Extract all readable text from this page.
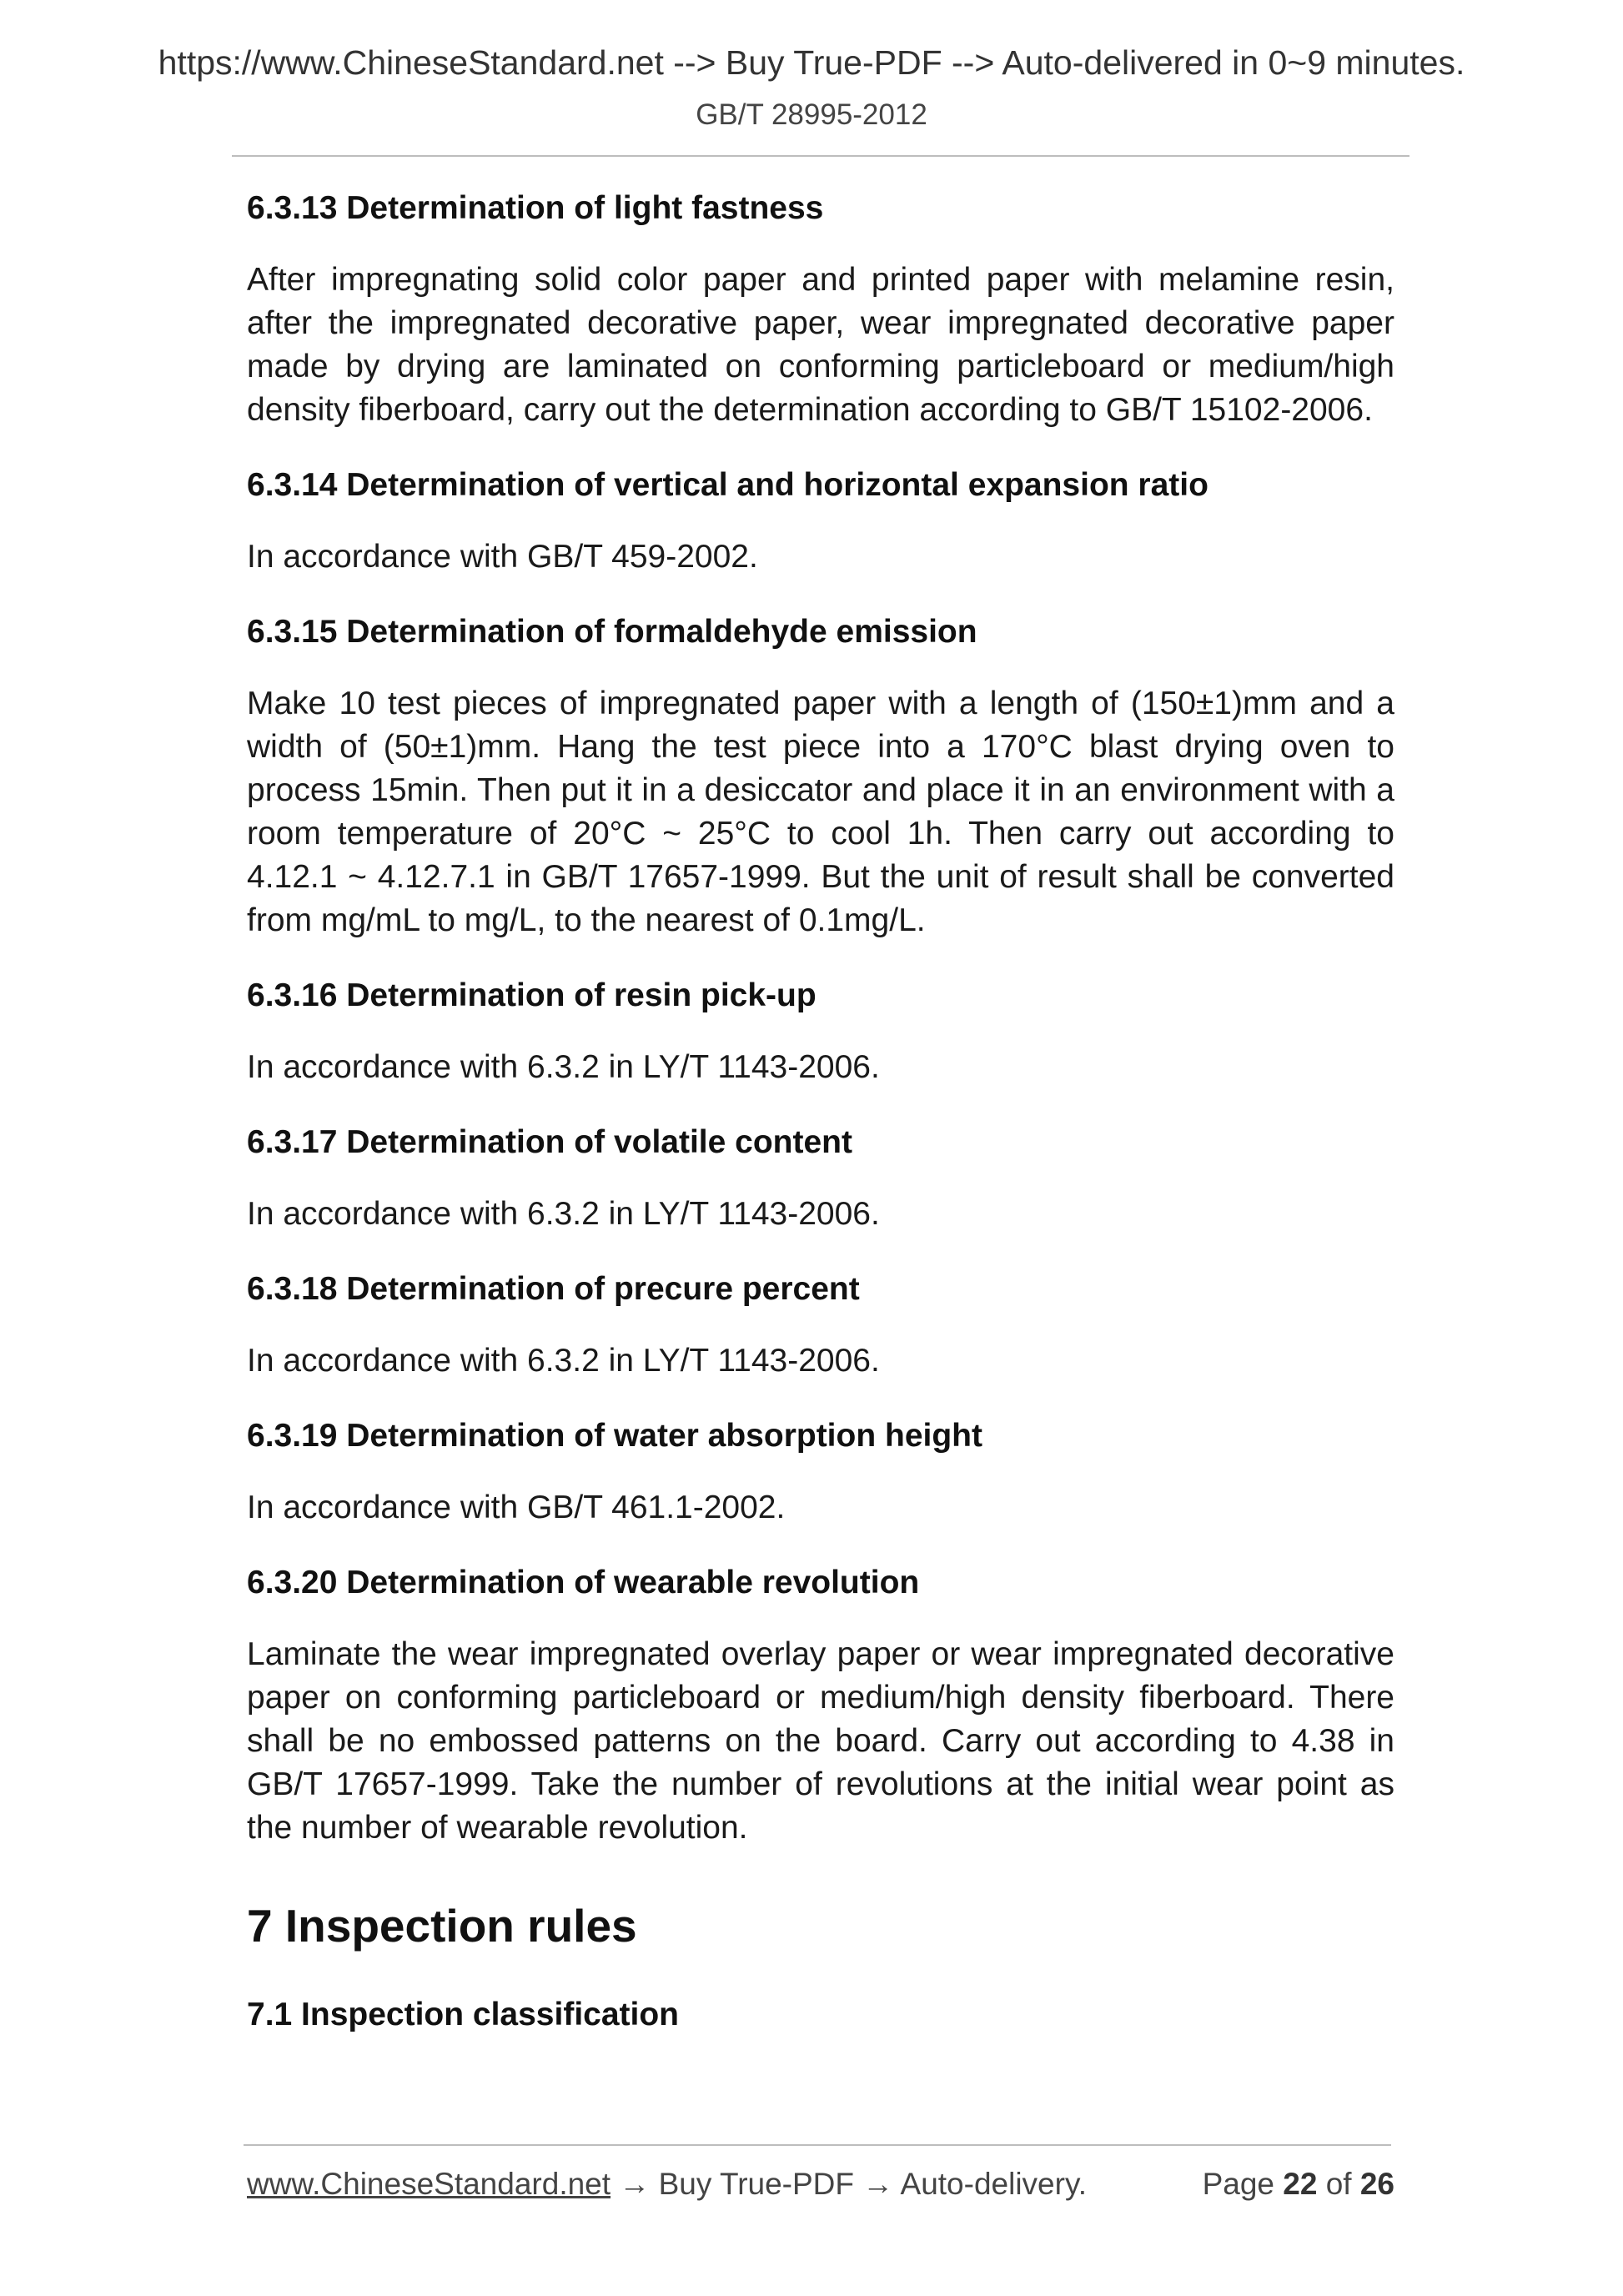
https://www.ChineseStandard.net --> Buy True-PDF --> Auto-delivered in 0~9 minutes.
GB/T 28995-2012

6.3.13 Determination of light fastness

After impregnating solid color paper and printed paper with melamine resin, after the impregnated decorative paper, wear impregnated decorative paper made by drying are laminated on conforming particleboard or medium/high density fiberboard, carry out the determination according to GB/T 15102-2006.

6.3.14 Determination of vertical and horizontal expansion ratio

In accordance with GB/T 459-2002.

6.3.15 Determination of formaldehyde emission

Make 10 test pieces of impregnated paper with a length of (150±1)mm and a width of (50±1)mm. Hang the test piece into a 170°C blast drying oven to process 15min. Then put it in a desiccator and place it in an environment with a room temperature of 20°C ~ 25°C to cool 1h. Then carry out according to 4.12.1 ~ 4.12.7.1 in GB/T 17657-1999. But the unit of result shall be converted from mg/mL to mg/L, to the nearest of 0.1mg/L.

6.3.16 Determination of resin pick-up

In accordance with 6.3.2 in LY/T 1143-2006.

6.3.17 Determination of volatile content

In accordance with 6.3.2 in LY/T 1143-2006.

6.3.18 Determination of precure percent

In accordance with 6.3.2 in LY/T 1143-2006.

6.3.19 Determination of water absorption height

In accordance with GB/T 461.1-2002.

6.3.20 Determination of wearable revolution

Laminate the wear impregnated overlay paper or wear impregnated decorative paper on conforming particleboard or medium/high density fiberboard. There shall be no embossed patterns on the board. Carry out according to 4.38 in GB/T 17657-1999. Take the number of revolutions at the initial wear point as the number of wearable revolution.

7 Inspection rules

7.1 Inspection classification

www.ChineseStandard.net → Buy True-PDF → Auto-delivery.	Page 22 of 26
